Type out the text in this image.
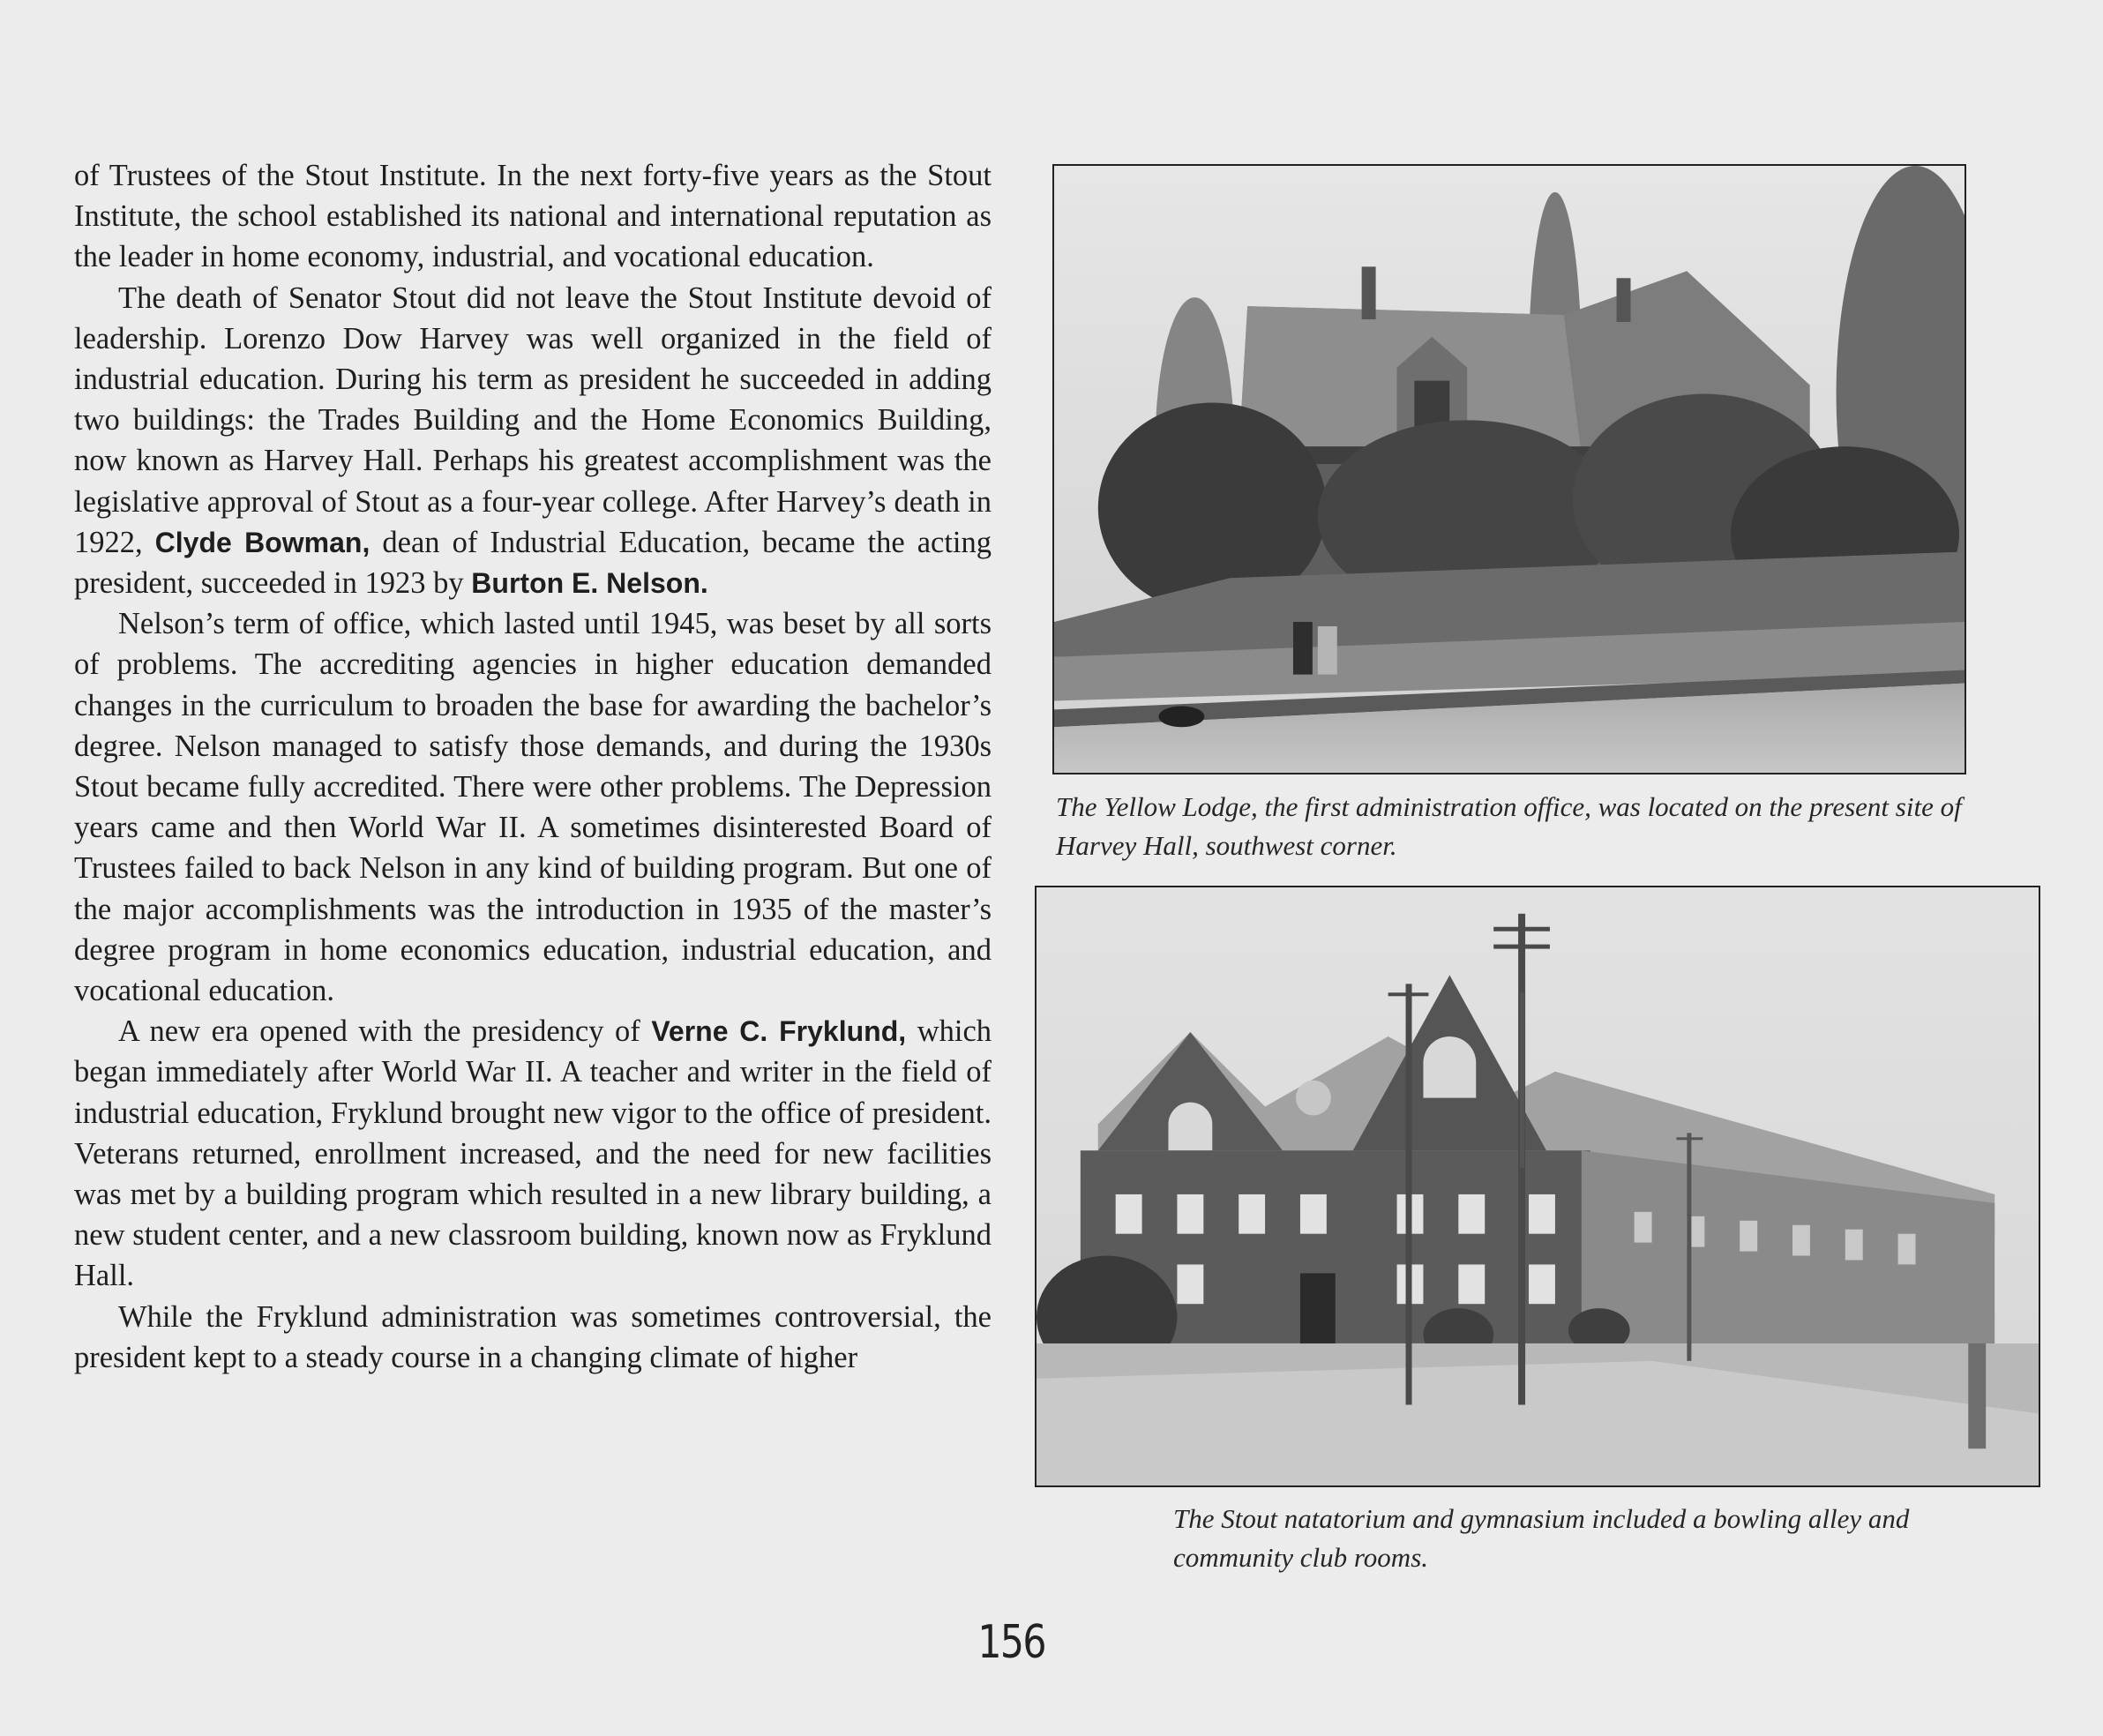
of Trustees of the Stout Institute. In the next forty-five years as the Stout Institute, the school established its national and international reputation as the leader in home economy, industrial, and vocational education.

The death of Senator Stout did not leave the Stout Institute devoid of leadership. Lorenzo Dow Harvey was well organized in the field of industrial education. During his term as president he succeeded in adding two buildings: the Trades Building and the Home Economics Building, now known as Harvey Hall. Perhaps his greatest accomplishment was the legislative approval of Stout as a four-year college. After Harvey’s death in 1922, Clyde Bowman, dean of Industrial Education, became the acting president, succeeded in 1923 by Burton E. Nelson.

Nelson’s term of office, which lasted until 1945, was beset by all sorts of problems. The accrediting agencies in higher education demanded changes in the curriculum to broaden the base for awarding the bachelor’s degree. Nelson managed to satisfy those demands, and during the 1930s Stout became fully accredited. There were other problems. The Depression years came and then World War II. A sometimes disinterested Board of Trustees failed to back Nelson in any kind of building program. But one of the major accomplishments was the introduction in 1935 of the master’s degree program in home economics education, industrial education, and vocational education.

A new era opened with the presidency of Verne C. Fryklund, which began immediately after World War II. A teacher and writer in the field of industrial education, Fryklund brought new vigor to the office of president. Veterans returned, enrollment increased, and the need for new facilities was met by a building program which resulted in a new library building, a new student center, and a new classroom building, known now as Fryklund Hall.

While the Fryklund administration was sometimes controversial, the president kept to a steady course in a changing climate of higher

The Yellow Lodge, the first administration office, was located on the present site of Harvey Hall, southwest corner.
The Stout natatorium and gymnasium included a bowling alley and community club rooms.
156
